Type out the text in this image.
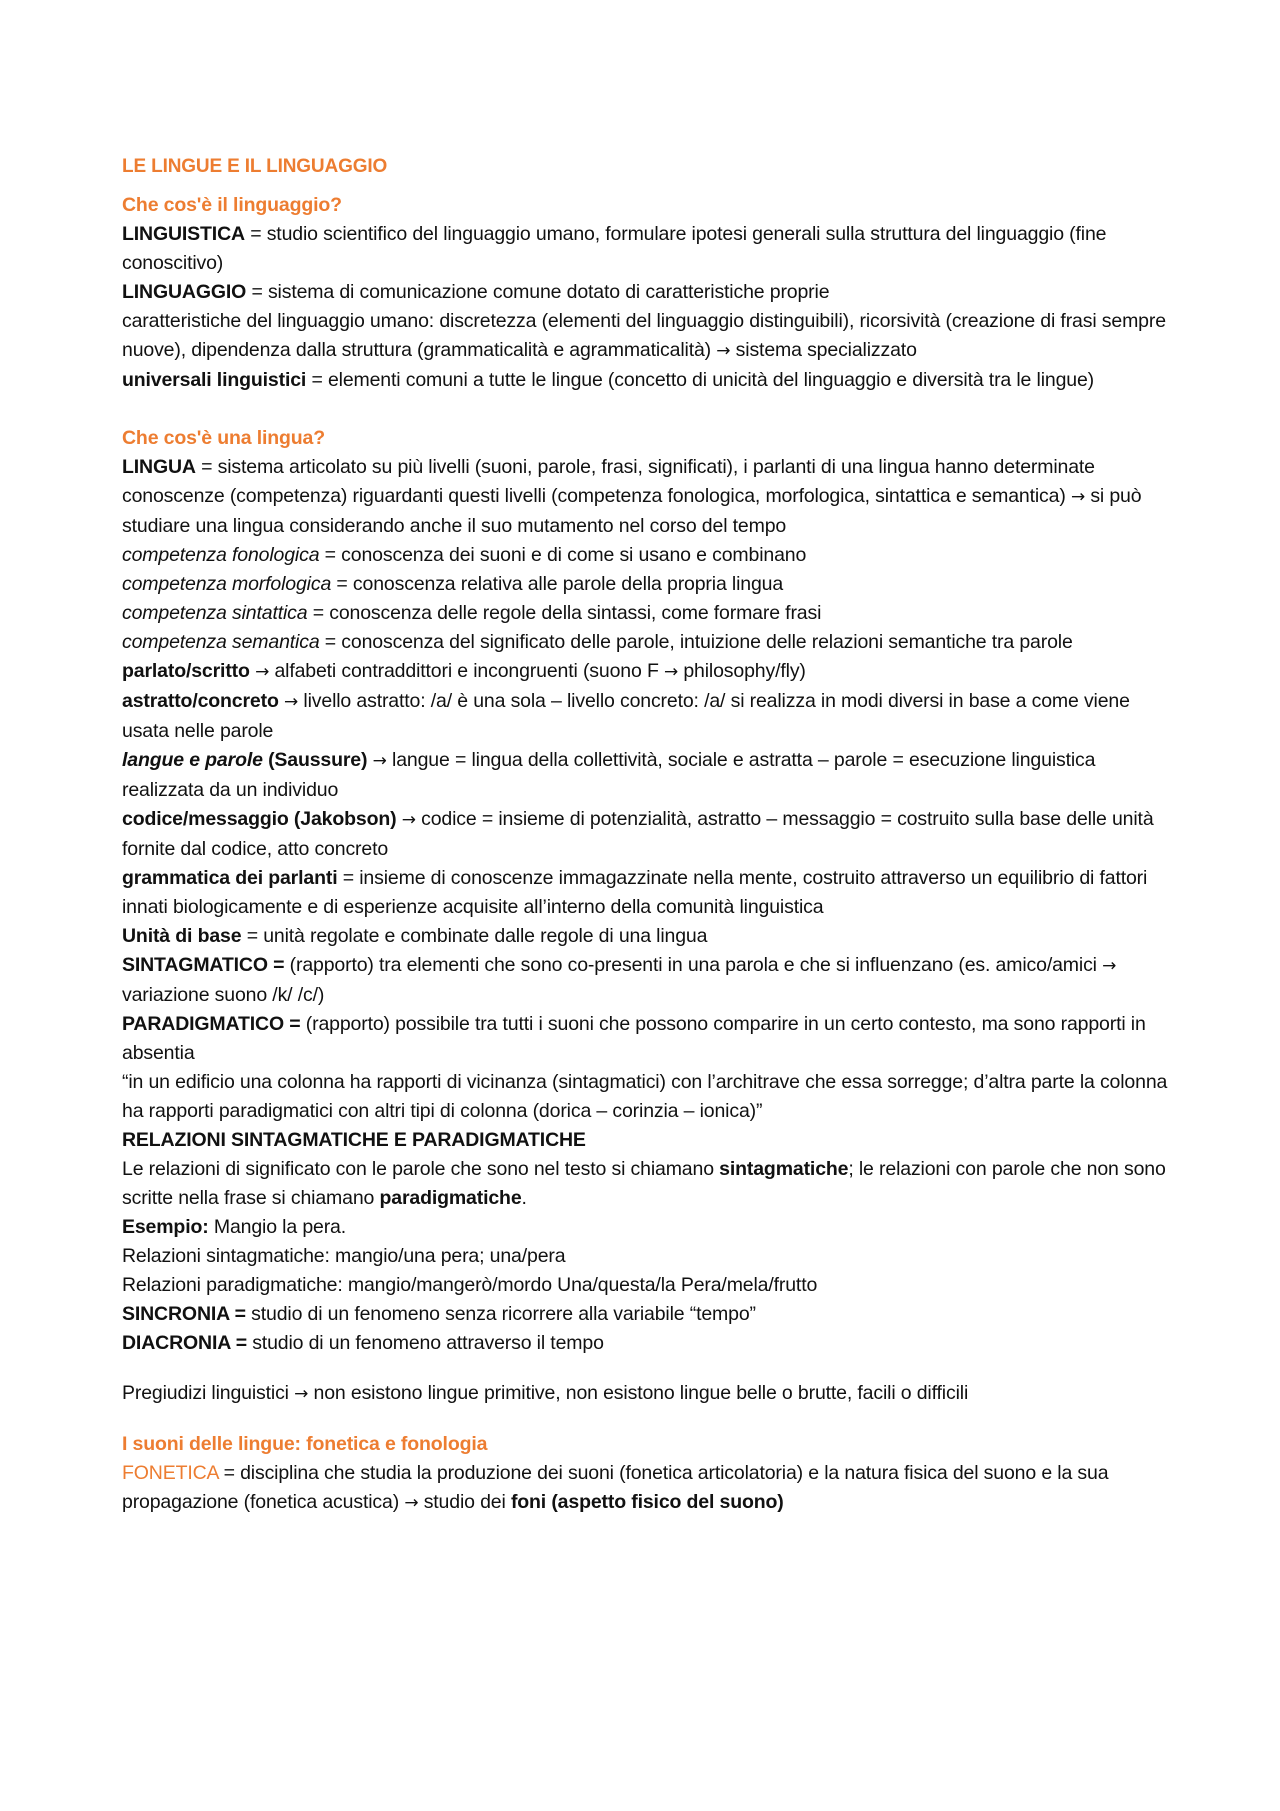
LE LINGUE E IL LINGUAGGIO
Che cos'è il linguaggio?

LINGUISTICA = studio scientifico del linguaggio umano, formulare ipotesi generali sulla struttura del linguaggio (fine conoscitivo)

LINGUAGGIO = sistema di comunicazione comune dotato di caratteristiche proprie

caratteristiche del linguaggio umano: discretezza (elementi del linguaggio distinguibili), ricorsività (creazione di frasi sempre nuove), dipendenza dalla struttura (grammaticalità e agrammaticalità) → sistema specializzato

universali linguistici = elementi comuni a tutte le lingue (concetto di unicità del linguaggio e diversità tra le lingue)

Che cos'è una lingua?

LINGUA = sistema articolato su più livelli (suoni, parole, frasi, significati), i parlanti di una lingua hanno determinate conoscenze (competenza) riguardanti questi livelli (competenza fonologica, morfologica, sintattica e semantica) → si può studiare una lingua considerando anche il suo mutamento nel corso del tempo

competenza fonologica = conoscenza dei suoni e di come si usano e combinano

competenza morfologica = conoscenza relativa alle parole della propria lingua

competenza sintattica = conoscenza delle regole della sintassi, come formare frasi

competenza semantica = conoscenza del significato delle parole, intuizione delle relazioni semantiche tra parole

parlato/scritto → alfabeti contraddittori e incongruenti (suono F → philosophy/fly)

astratto/concreto → livello astratto: /a/ è una sola – livello concreto: /a/ si realizza in modi diversi in base a come viene usata nelle parole

langue e parole (Saussure) → langue = lingua della collettività, sociale e astratta – parole = esecuzione linguistica realizzata da un individuo

codice/messaggio (Jakobson) → codice = insieme di potenzialità, astratto – messaggio = costruito sulla base delle unità fornite dal codice, atto concreto

grammatica dei parlanti = insieme di conoscenze immagazzinate nella mente, costruito attraverso un equilibrio di fattori innati biologicamente e di esperienze acquisite all’interno della comunità linguistica

Unità di base = unità regolate e combinate dalle regole di una lingua

SINTAGMATICO = (rapporto) tra elementi che sono co-presenti in una parola e che si influenzano (es. amico/amici → variazione suono /k/ /c/)

PARADIGMATICO = (rapporto) possibile tra tutti i suoni che possono comparire in un certo contesto, ma sono rapporti in absentia

“in un edificio una colonna ha rapporti di vicinanza (sintagmatici) con l’architrave che essa sorregge; d’altra parte la colonna ha rapporti paradigmatici con altri tipi di colonna (dorica – corinzia – ionica)”

RELAZIONI SINTAGMATICHE E PARADIGMATICHE

Le relazioni di significato con le parole che sono nel testo si chiamano sintagmatiche; le relazioni con parole che non sono scritte nella frase si chiamano paradigmatiche.

Esempio: Mangio la pera.

Relazioni sintagmatiche: mangio/una pera; una/pera

Relazioni paradigmatiche: mangio/mangerò/mordo Una/questa/la Pera/mela/frutto

SINCRONIA = studio di un fenomeno senza ricorrere alla variabile “tempo”

DIACRONIA = studio di un fenomeno attraverso il tempo

Pregiudizi linguistici → non esistono lingue primitive, non esistono lingue belle o brutte, facili o difficili

I suoni delle lingue: fonetica e fonologia

FONETICA = disciplina che studia la produzione dei suoni (fonetica articolatoria) e la natura fisica del suono e la sua propagazione (fonetica acustica) → studio dei foni (aspetto fisico del suono)
